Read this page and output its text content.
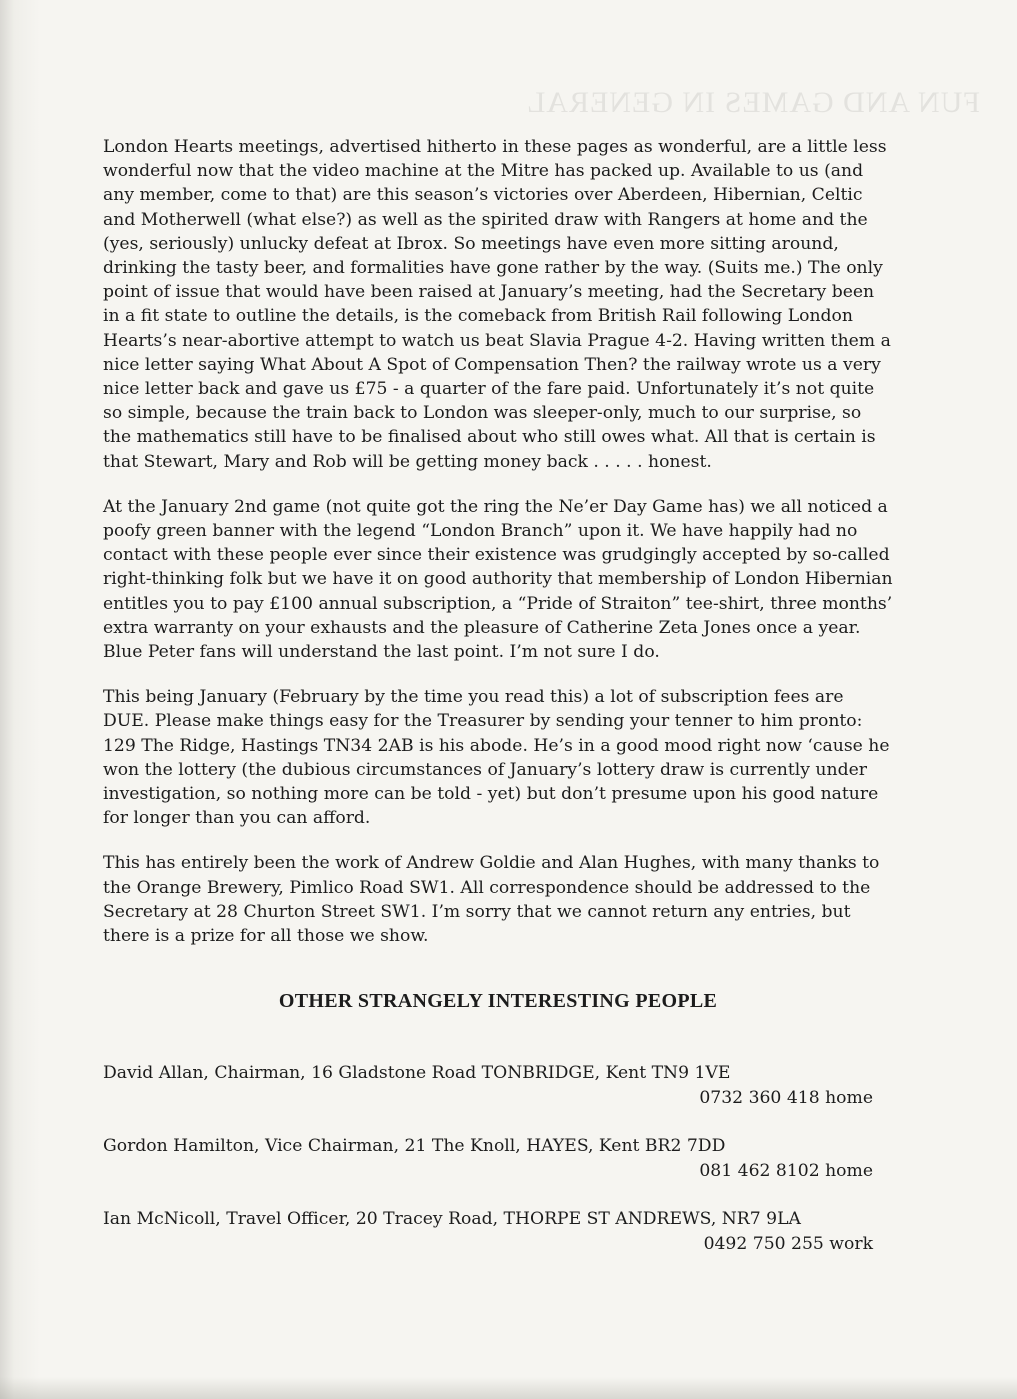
FUN AND GAMES IN GENERAL

London Hearts meetings, advertised hitherto in these pages as wonderful, are a little less wonderful now that the video machine at the Mitre has packed up. Available to us (and any member, come to that) are this season’s victories over Aberdeen, Hibernian, Celtic and Motherwell (what else?) as well as the spirited draw with Rangers at home and the (yes, seriously) unlucky defeat at Ibrox. So meetings have even more sitting around, drinking the tasty beer, and formalities have gone rather by the way. (Suits me.) The only point of issue that would have been raised at January’s meeting, had the Secretary been in a fit state to outline the details, is the comeback from British Rail following London Hearts’s near-abortive attempt to watch us beat Slavia Prague 4-2. Having written them a nice letter saying What About A Spot of Compensation Then? the railway wrote us a very nice letter back and gave us £75 - a quarter of the fare paid. Unfortunately it’s not quite so simple, because the train back to London was sleeper-only, much to our surprise, so the mathematics still have to be finalised about who still owes what. All that is certain is that Stewart, Mary and Rob will be getting money back . . . . . honest.

At the January 2nd game (not quite got the ring the Ne’er Day Game has) we all noticed a poofy green banner with the legend “London Branch” upon it. We have happily had no contact with these people ever since their existence was grudgingly accepted by so-called right-thinking folk but we have it on good authority that membership of London Hibernian entitles you to pay £100 annual subscription, a “Pride of Straiton” tee-shirt, three months’ extra warranty on your exhausts and the pleasure of Catherine Zeta Jones once a year. Blue Peter fans will understand the last point. I’m not sure I do.

This being January (February by the time you read this) a lot of subscription fees are DUE. Please make things easy for the Treasurer by sending your tenner to him pronto: 129 The Ridge, Hastings TN34 2AB is his abode. He’s in a good mood right now ‘cause he won the lottery (the dubious circumstances of January’s lottery draw is currently under investigation, so nothing more can be told - yet) but don’t presume upon his good nature for longer than you can afford.

This has entirely been the work of Andrew Goldie and Alan Hughes, with many thanks to the Orange Brewery, Pimlico Road SW1. All correspondence should be addressed to the Secretary at 28 Churton Street SW1. I’m sorry that we cannot return any entries, but there is a prize for all those we show.

OTHER STRANGELY INTERESTING PEOPLE
David Allan, Chairman, 16 Gladstone Road TONBRIDGE, Kent TN9 1VE
0732 360 418 home
Gordon Hamilton, Vice Chairman, 21 The Knoll, HAYES, Kent BR2 7DD
081 462 8102 home
Ian McNicoll, Travel Officer, 20 Tracey Road, THORPE ST ANDREWS, NR7 9LA
0492 750 255 work
